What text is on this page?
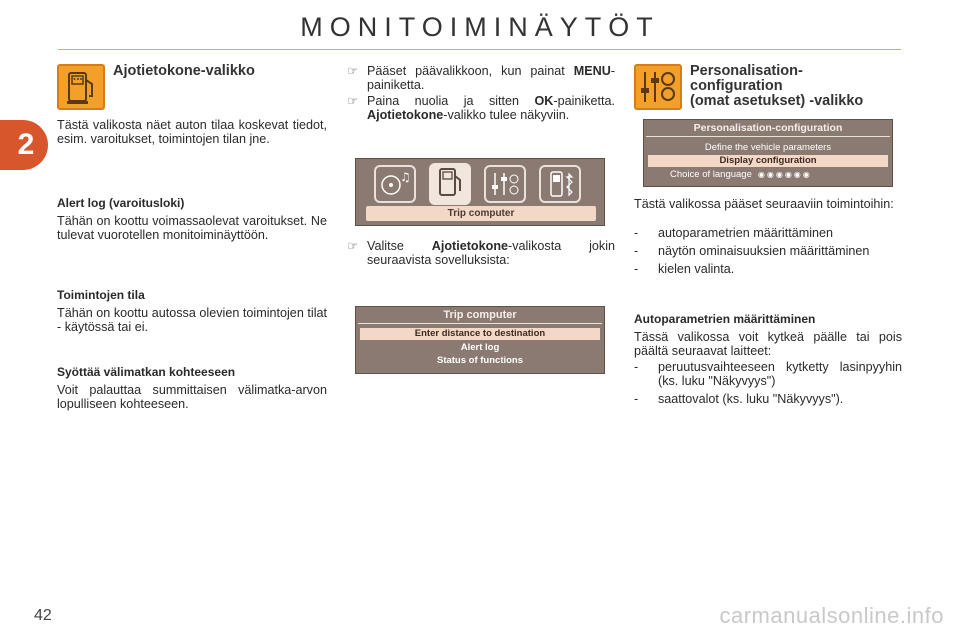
MONITOIMINÄYTÖT
2
Ajotietokone-valikko

Tästä valikosta näet auton tilaa koskevat tiedot, esim. varoitukset, toimintojen tilan jne.

Alert log (varoitusloki)

Tähän on koottu voimassaolevat varoitukset. Ne tulevat vuorotellen monitoiminäyttöön.

Toimintojen tila

Tähän on koottu autossa olevien toimintojen tilat - käytössä tai ei.

Syöttää välimatkan kohteeseen

Voit palauttaa summittaisen välimatka-arvon lopulliseen kohteeseen.

☞ Pääset päävalikkoon, kun painat MENU-painiketta.
☞ Paina nuolia ja sitten OK-painiketta. Ajotietokone-valikko tulee näkyviin.
♫
Trip computer
☞ Valitse Ajotietokone-valikosta jokin seuraavista sovelluksista:
Trip computer
Enter distance to destination
Alert log
Status of functions
Personalisation-
configuration
(omat asetukset) -valikko
Personalisation-configuration
Define the vehicle parameters
Display configuration
Choice of language ◉◉◉◉◉◉

Tästä valikossa pääset seuraaviin toimintoihin:

- autoparametrien määrittäminen
- näytön ominaisuuksien määrittäminen
- kielen valinta.

Autoparametrien määrittäminen

Tässä valikossa voit kytkeä päälle tai pois päältä seuraavat laitteet:

- peruutusvaihteeseen kytketty lasinpyyhin (ks. luku "Näkyvyys")
- saattovalot (ks. luku "Näkyvyys").
42	carmanualsonline.info
